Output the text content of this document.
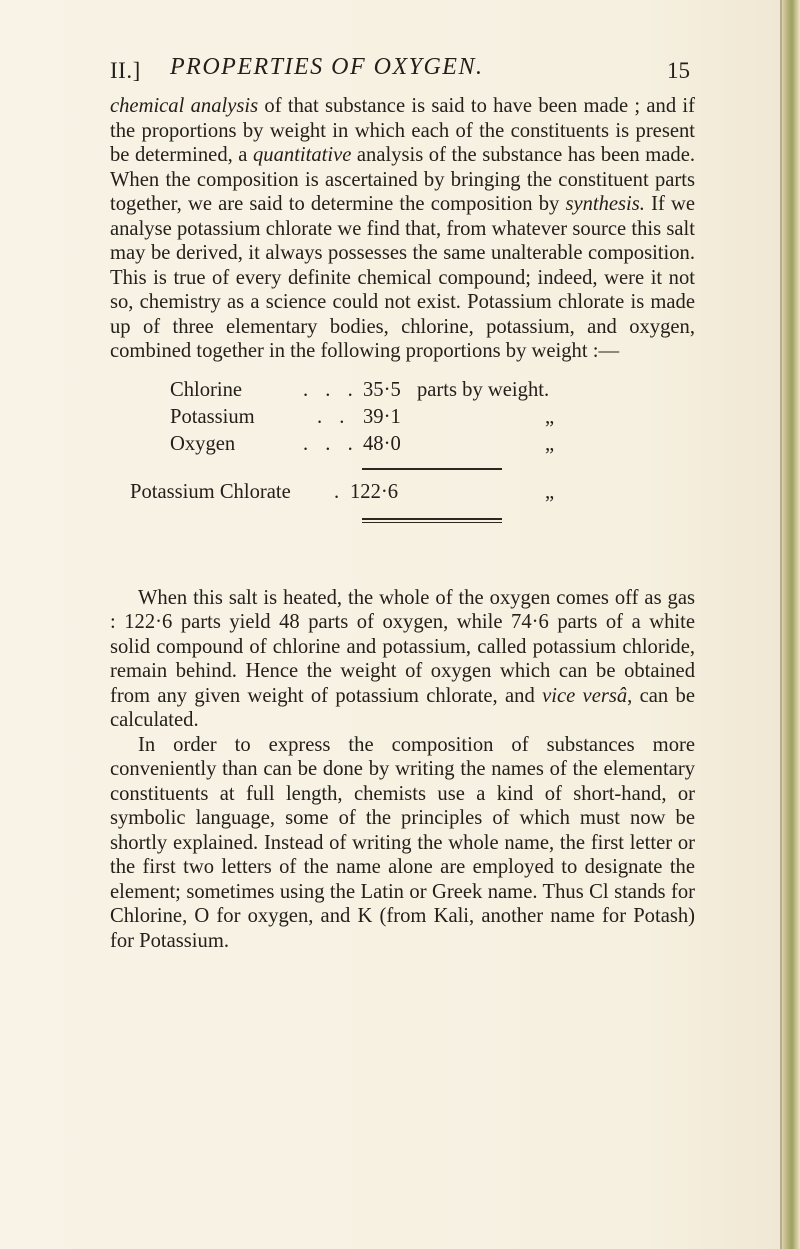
II.] PROPERTIES OF OXYGEN.	15

chemical analysis of that substance is said to have been made ; and if the proportions by weight in which each of the constituents is present be determined, a quantitative analysis of the substance has been made. When the composition is ascertained by bringing the constituent parts together, we are said to determine the composition by synthesis. If we analyse potassium chlorate we find that, from whatever source this salt may be derived, it always possesses the same unalterable composition. This is true of every definite chemical compound; indeed, were it not so, chemistry as a science could not exist. Potassium chlorate is made up of three elementary bodies, chlorine, potassium, and oxygen, combined together in the following proportions by weight :—

Chlorine	. . . 35·5 parts by weight.
Potassium	. . 39·1	„
Oxygen	. . . 48·0	„
Potassium Chlorate . 122·6	„

When this salt is heated, the whole of the oxygen comes off as gas : 122·6 parts yield 48 parts of oxygen, while 74·6 parts of a white solid compound of chlorine and potassium, called potassium chloride, remain behind. Hence the weight of oxygen which can be obtained from any given weight of potassium chlorate, and vice versâ, can be calculated.

In order to express the composition of substances more conveniently than can be done by writing the names of the elementary constituents at full length, chemists use a kind of short-hand, or symbolic language, some of the principles of which must now be shortly explained. Instead of writing the whole name, the first letter or the first two letters of the name alone are employed to designate the element; sometimes using the Latin or Greek name. Thus Cl stands for Chlorine, O for oxygen, and K (from Kali, another name for Potash) for Potassium.
